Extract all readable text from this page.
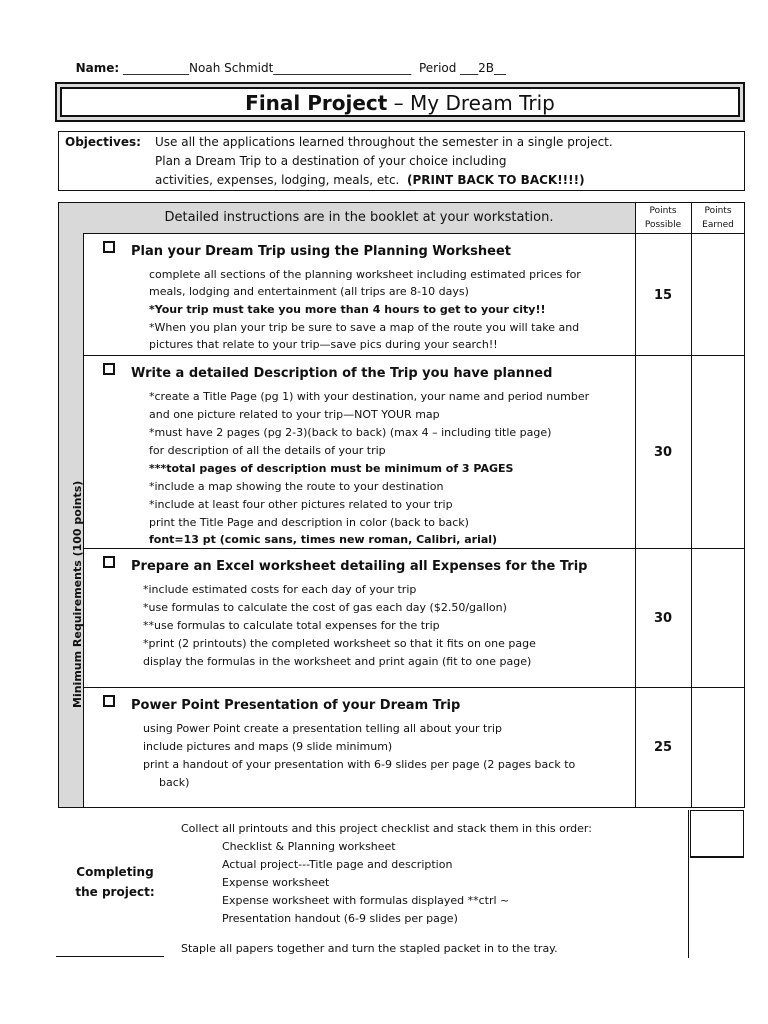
Name: ___________Noah Schmidt_______________________  Period ___2B__

Final Project – My Dream Trip
Objectives: Use all the applications learned throughout the semester in a single project.
Plan a Dream Trip to a destination of your choice including
activities, expenses, lodging, meals, etc. (PRINT BACK TO BACK!!!!)
Minimum Requirements (100 points)
Detailed instructions are in the booklet at your workstation.	Points
Possible
Points
Earned
Plan your Dream Trip using the Planning Worksheet
complete all sections of the planning worksheet including estimated prices for
meals, lodging and entertainment (all trips are 8-10 days)
*Your trip must take you more than 4 hours to get to your city!!
*When you plan your trip be sure to save a map of the route you will take and
pictures that relate to your trip—save pics during your search!!
15
Write a detailed Description of the Trip you have planned
*create a Title Page (pg 1) with your destination, your name and period number
and one picture related to your trip—NOT YOUR map
*must have 2 pages (pg 2-3)(back to back) (max 4 – including title page)
for description of all the details of your trip
***total pages of description must be minimum of 3 PAGES
*include a map showing the route to your destination
*include at least four other pictures related to your trip
print the Title Page and description in color (back to back)
font=13 pt (comic sans, times new roman, Calibri, arial)
30
Prepare an Excel worksheet detailing all Expenses for the Trip
*include estimated costs for each day of your trip
*use formulas to calculate the cost of gas each day ($2.50/gallon)
**use formulas to calculate total expenses for the trip
*print (2 printouts) the completed worksheet so that it fits on one page
display the formulas in the worksheet and print again (fit to one page)
30
Power Point Presentation of your Dream Trip
using Power Point create a presentation telling all about your trip
include pictures and maps (9 slide minimum)
print a handout of your presentation with 6-9 slides per page (2 pages back to
back)
25
Completing
the project:
Collect all printouts and this project checklist and stack them in this order:
Checklist & Planning worksheet
Actual project---Title page and description
Expense worksheet
Expense worksheet with formulas displayed **ctrl ~
Presentation handout (6-9 slides per page)
Staple all papers together and turn the stapled packet in to the tray.
